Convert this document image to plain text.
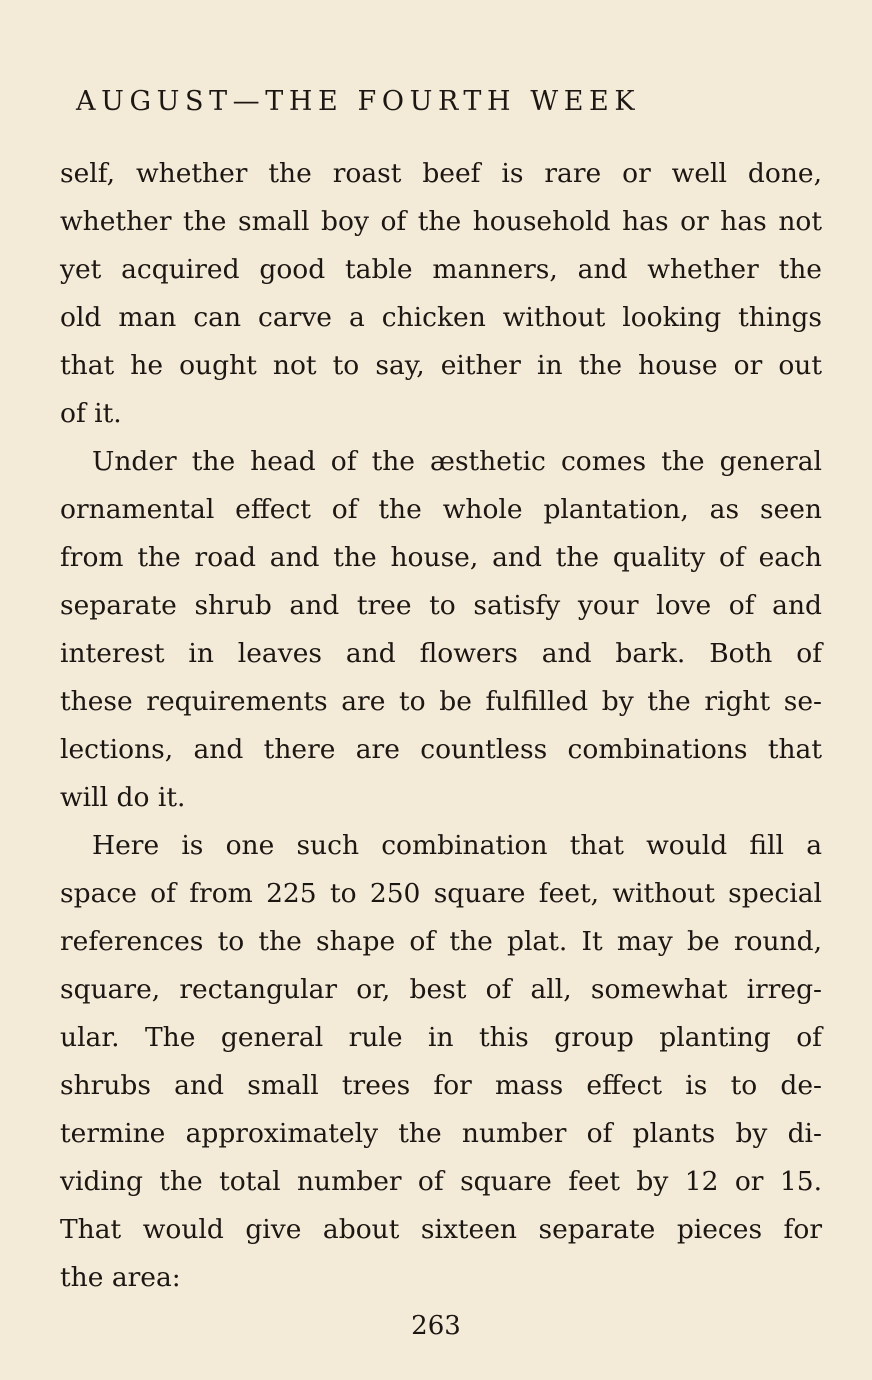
AUGUST—THE FOURTH WEEK
self, whether the roast beef is rare or well done,
whether the small boy of the household has or has not
yet acquired good table manners, and whether the
old man can carve a chicken without looking things
that he ought not to say, either in the house or out
of it.
Under the head of the æsthetic comes the general
ornamental effect of the whole plantation, as seen
from the road and the house, and the quality of each
separate shrub and tree to satisfy your love of and
interest in leaves and flowers and bark. Both of
these requirements are to be fulfilled by the right se-
lections, and there are countless combinations that
will do it.
Here is one such combination that would fill a
space of from 225 to 250 square feet, without special
references to the shape of the plat. It may be round,
square, rectangular or, best of all, somewhat irreg-
ular. The general rule in this group planting of
shrubs and small trees for mass effect is to de-
termine approximately the number of plants by di-
viding the total number of square feet by 12 or 15.
That would give about sixteen separate pieces for
the area:
263
